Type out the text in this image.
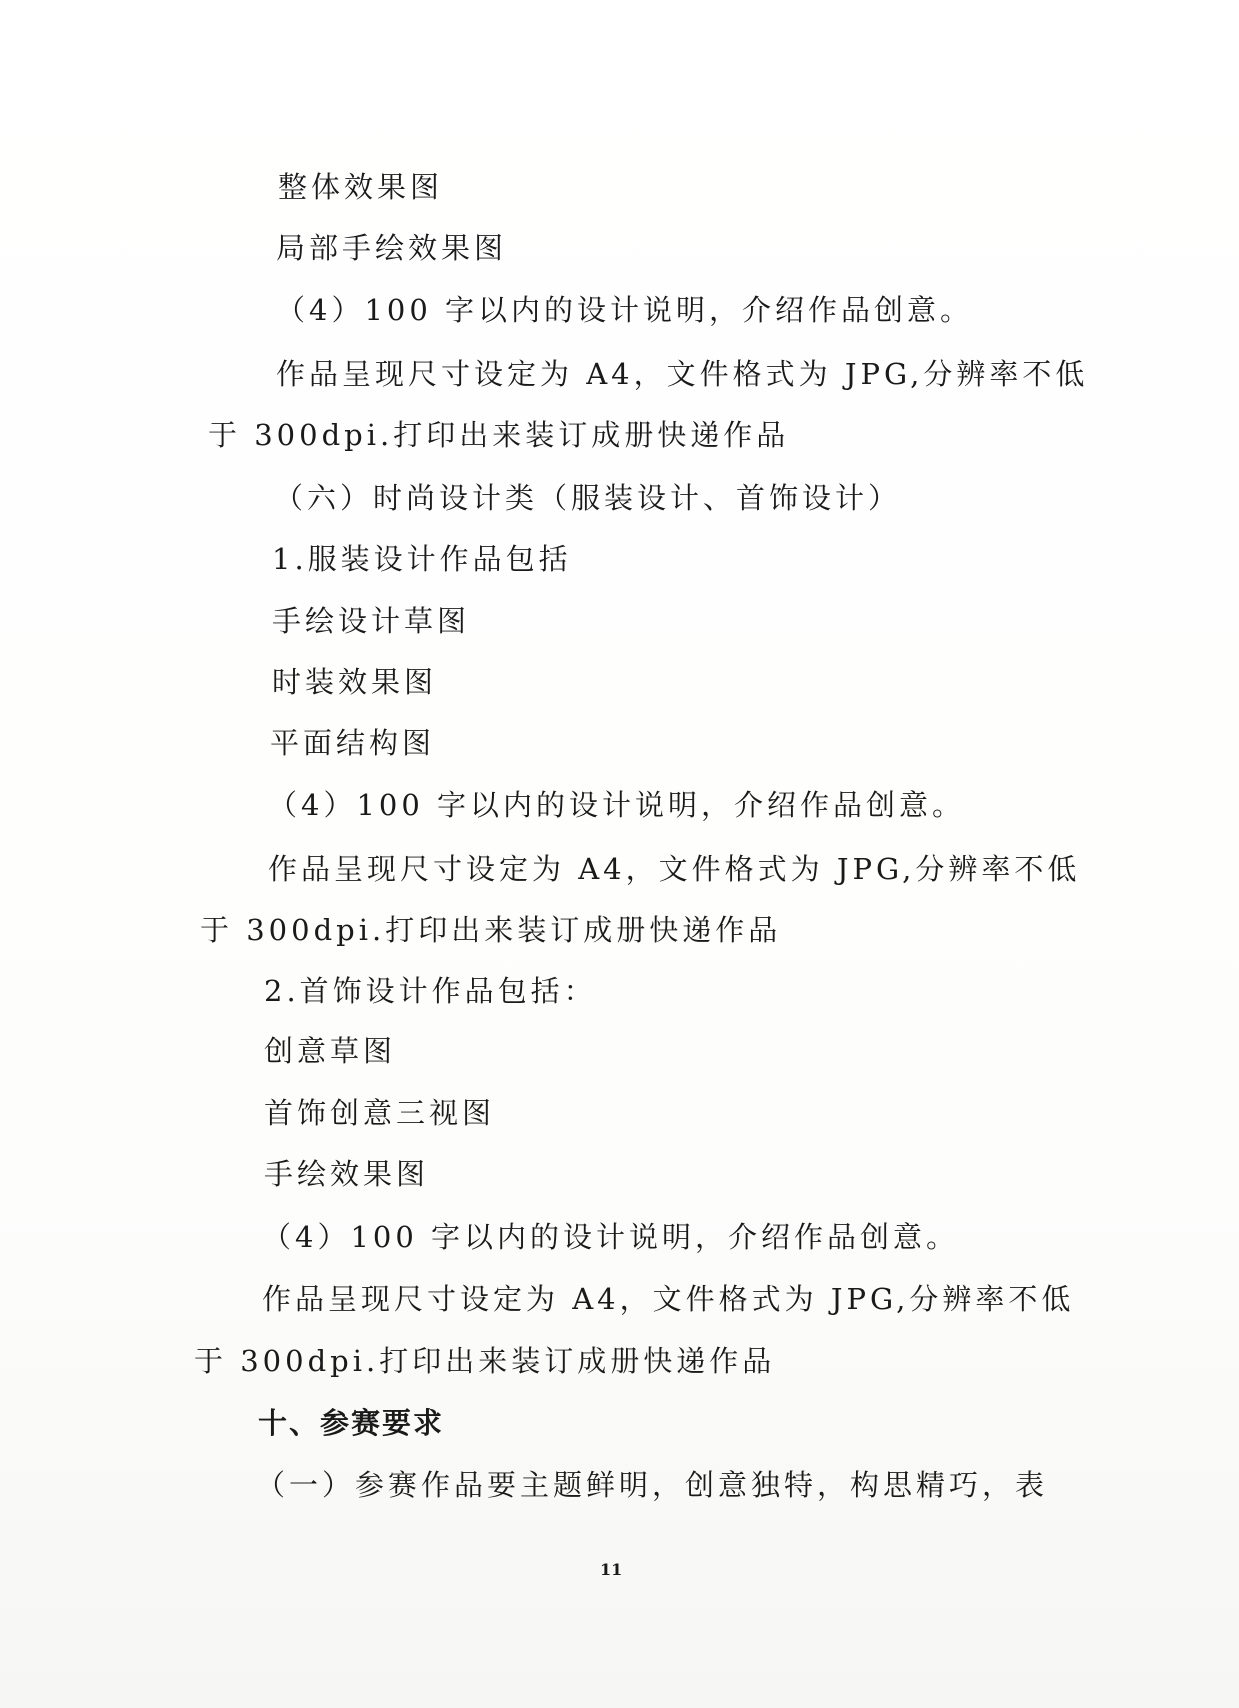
整体效果图
局部手绘效果图
（4）100 字以内的设计说明，介绍作品创意。
作品呈现尺寸设定为 A4，文件格式为 JPG,分辨率不低
于 300dpi.打印出来装订成册快递作品
（六）时尚设计类（服装设计、首饰设计）
1.服装设计作品包括
手绘设计草图
时装效果图
平面结构图
（4）100 字以内的设计说明，介绍作品创意。
作品呈现尺寸设定为 A4，文件格式为 JPG,分辨率不低
于 300dpi.打印出来装订成册快递作品
2.首饰设计作品包括：
创意草图
首饰创意三视图
手绘效果图
（4）100 字以内的设计说明，介绍作品创意。
作品呈现尺寸设定为 A4，文件格式为 JPG,分辨率不低
于 300dpi.打印出来装订成册快递作品
十、参赛要求
（一）参赛作品要主题鲜明，创意独特，构思精巧，表
11
